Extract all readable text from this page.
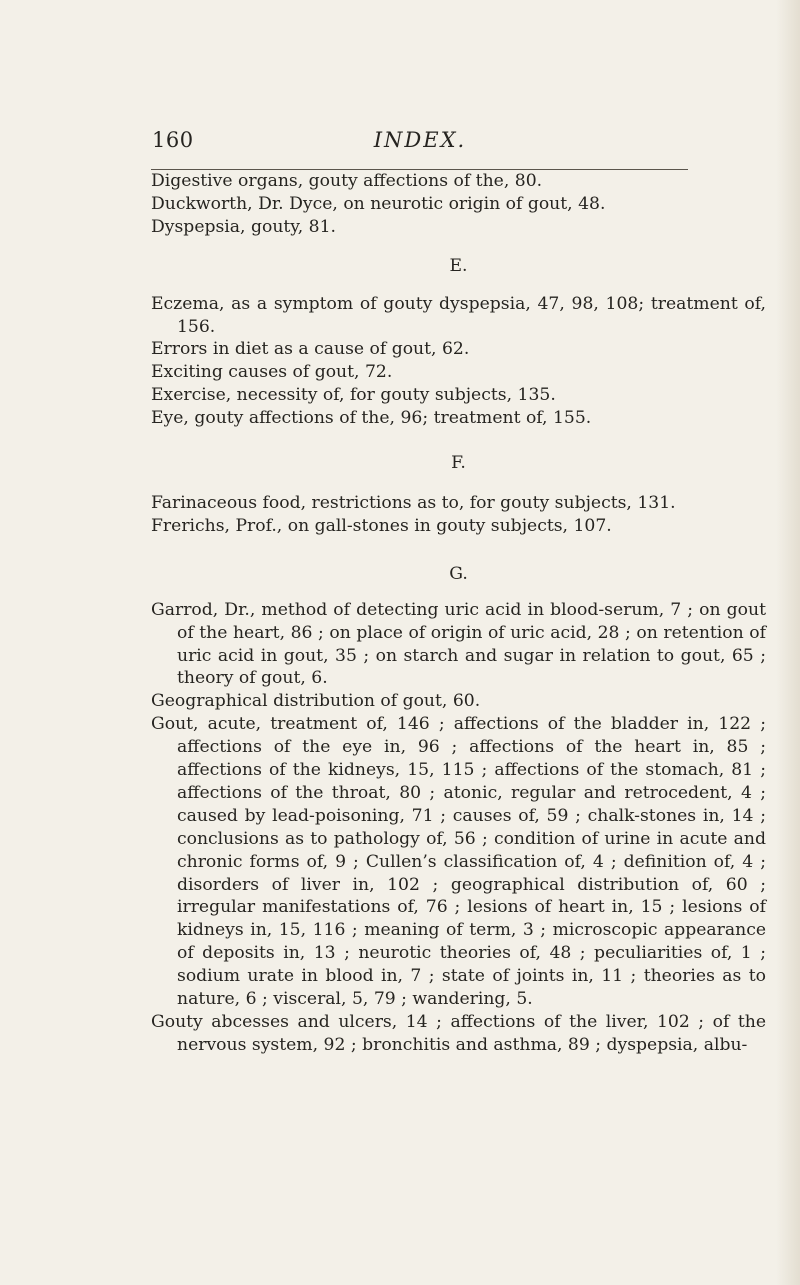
160	INDEX.

Digestive organs, gouty affections of the, 80.

Duckworth, Dr. Dyce, on neurotic origin of gout, 48.

Dyspepsia, gouty, 81.

E.

Eczema, as a symptom of gouty dyspepsia, 47, 98, 108; treatment of, 156.

Errors in diet as a cause of gout, 62.

Exciting causes of gout, 72.

Exercise, necessity of, for gouty subjects, 135.

Eye, gouty affections of the, 96; treatment of, 155.

F.

Farinaceous food, restrictions as to, for gouty subjects, 131.

Frerichs, Prof., on gall-stones in gouty subjects, 107.

G.

Garrod, Dr., method of detecting uric acid in blood-serum, 7 ; on gout of the heart, 86 ; on place of origin of uric acid, 28 ; on retention of uric acid in gout, 35 ; on starch and sugar in relation to gout, 65 ; theory of gout, 6.

Geographical distribution of gout, 60.

Gout, acute, treatment of, 146 ; affections of the bladder in, 122 ; affections of the eye in, 96 ; affections of the heart in, 85 ; affections of the kidneys, 15, 115 ; affections of the stomach, 81 ; affections of the throat, 80 ; atonic, regular and retrocedent, 4 ; caused by lead-poisoning, 71 ; causes of, 59 ; chalk-stones in, 14 ; conclusions as to pathology of, 56 ; condition of urine in acute and chronic forms of, 9 ; Cullen’s classification of, 4 ; definition of, 4 ; disorders of liver in, 102 ; geographical distribution of, 60 ; irregular manifestations of, 76 ; lesions of heart in, 15 ; lesions of kidneys in, 15, 116 ; meaning of term, 3 ; microscopic appearance of deposits in, 13 ; neurotic theories of, 48 ; peculiarities of, 1 ; sodium urate in blood in, 7 ; state of joints in, 11 ; theories as to nature, 6 ; visceral, 5, 79 ; wandering, 5.

Gouty abcesses and ulcers, 14 ; affections of the liver, 102 ; of the nervous system, 92 ; bronchitis and asthma, 89 ; dyspepsia, albu-
